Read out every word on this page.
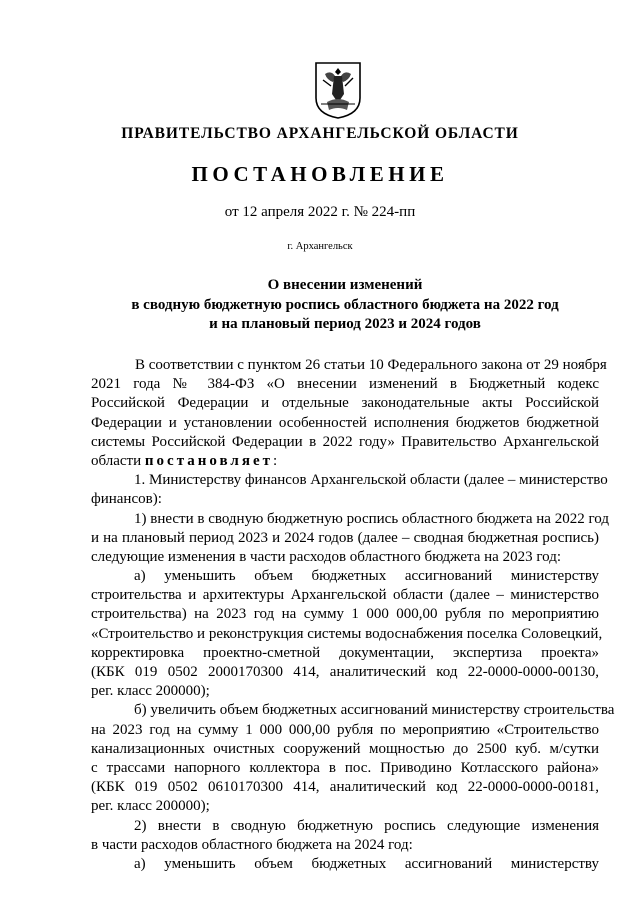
ПРАВИТЕЛЬСТВО АРХАНГЕЛЬСКОЙ ОБЛАСТИ
ПОСТАНОВЛЕНИЕ
от 12 апреля 2022 г. № 224-пп
г. Архангельск
О внесении изменений
в сводную бюджетную роспись областного бюджета на 2022 год
и на плановый период 2023 и 2024 годов
В соответствии с пунктом 26 статьи 10 Федерального закона от 29 ноября
2021 года № 384-ФЗ «О внесении изменений в Бюджетный кодекс
Российской Федерации и отдельные законодательные акты Российской
Федерации и установлении особенностей исполнения бюджетов бюджетной
системы Российской Федерации в 2022 году» Правительство Архангельской
области постановляет:
1. Министерству финансов Архангельской области (далее – министерство
финансов):
1) внести в сводную бюджетную роспись областного бюджета на 2022 год
и на плановый период 2023 и 2024 годов (далее – сводная бюджетная роспись)
следующие изменения в части расходов областного бюджета на 2023 год:
а) уменьшить объем бюджетных ассигнований министерству
строительства и архитектуры Архангельской области (далее – министерство
строительства) на 2023 год на сумму 1 000 000,00 рубля по мероприятию
«Строительство и реконструкция системы водоснабжения поселка Соловецкий,
корректировка проектно-сметной документации, экспертиза проекта»
(КБК 019 0502 2000170300 414, аналитический код 22-0000-0000-00130,
рег. класс 200000);
б) увеличить объем бюджетных ассигнований министерству строительства
на 2023 год на сумму 1 000 000,00 рубля по мероприятию «Строительство
канализационных очистных сооружений мощностью до 2500 куб. м/сутки
с трассами напорного коллектора в пос. Приводино Котласского района»
(КБК 019 0502 0610170300 414, аналитический код 22-0000-0000-00181,
рег. класс 200000);
2) внести в сводную бюджетную роспись следующие изменения
в части расходов областного бюджета на 2024 год:
а) уменьшить объем бюджетных ассигнований министерству
